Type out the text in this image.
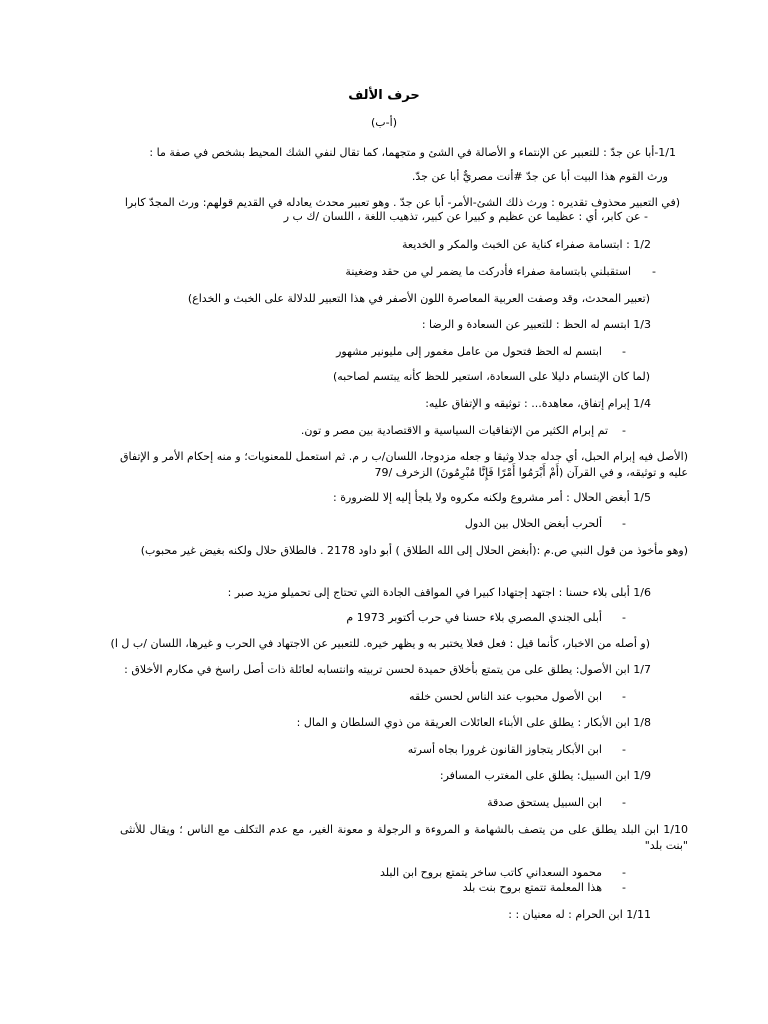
حرف الألف
(أ-ب)
1/1-أبا عن جدّ : للتعبير عن الإنتماء و الأصالة في الشئ و متجهما، كما تقال لنفي الشك المحيط بشخص في صفة ما :
ورث القوم هذا البيت أبا عن جدّ #أنت مصريٌّ أبا عن جدّ.
(في التعبير محذوف تقديره : ورث ذلك الشئ-الأمر- أبا عن جدّ . وهو تعبير محدث يعادله في القديم قولهم: ورث المجدّ كابرا
- عن كابر، أي : عظيما عن عظيم و كبيرا عن كبير، تذهيب اللغة ، اللسان /ك ب ر
1/2 : ابتسامة صفراء كناية عن الخبث والمكر و الخديعة
-
استقبلني بابتسامة صفراء فأدركت ما يضمر لي من حقد وضغينة
(تعبير المحدث، وقد وصفت العربية المعاصرة اللون الأصفر في هذا التعبير للدلالة على الخبث و الخداع)
1/3 ابتسم له الحظ : للتعبير عن السعادة و الرضا :
-
ابتسم له الحظ فتحول من عامل مغمور إلى مليونير مشهور
(لما كان الإبتسام دليلا على السعادة، استعير للحظ كأنه يبتسم لصاحبه)
1/4 إبرام إتفاق، معاهدة... : توثيقه و الإتفاق عليه:
-
تم إبرام الكثير من الإتفاقيات السياسية و الاقتصادية بين مصر و تون.
(الأصل فيه إبرام الحبل، أي جدله جدلا وثيقا و جعله مزدوجا، اللسان/ب ر م. ثم استعمل للمعنويات؛ و منه إحكام الأمر و الإتفاق عليه و توثيقه، و في القرآن (أَمْ أَبْرَمُوا أَمْرًا فَإِنَّا مُبْرِمُونَ) الزخرف /79
1/5 أبغض الحلال : أمر مشروع ولكنه مكروه ولا يلجأ إليه إلا للضرورة :
-
ألحرب أبغض الحلال بين الدول
(وهو مأخوذ من قول النبي ص.م :(أبغض الحلال إلى الله الطلاق ) أبو داود 2178 . فالطلاق حلال ولكنه بغيض غير محبوب)
1/6 أبلى بلاء حسنا : اجتهد إجتهادا كبيرا في المواقف الجادة التي تحتاج إلى تحميلو مزيد صبر :
-
أبلى الجندي المصري بلاء حسنا في حرب أكتوبر 1973 م
(و أصله من الاخبار، كأنما قيل : فعل فعلا يختبر به و يظهر خيره. للتعبير عن الاجتهاد في الحرب و غيرها، اللسان /ب ل ا)
1/7 ابن الأصول: يطلق على من يتمتع بأخلاق حميدة لحسن تربيته وانتسابه لعائلة ذات أصل راسخ في مكارم الأخلاق :
-
ابن الأصول محبوب عند الناس لحسن خلقه
1/8 ابن الأبكار : يطلق على الأبناء العائلات العريقة من ذوي السلطان و المال :
-
ابن الأبكار يتجاوز القانون غرورا بجاه أسرته
1/9 ابن السبيل: يطلق على المغترب المسافر:
-
ابن السبيل يستحق صدقة
1/10 ابن البلد يطلق على من يتصف بالشهامة و المروءة و الرجولة و معونة الغير، مع عدم التكلف مع الناس ؛ ويقال للأنثى "بنت بلد"
-
محمود السعداني كاتب ساخر يتمتع بروح ابن البلد
-
هذا المعلمة تتمتع بروح بنت بلد
1/11 ابن الحرام : له معنيان : :
